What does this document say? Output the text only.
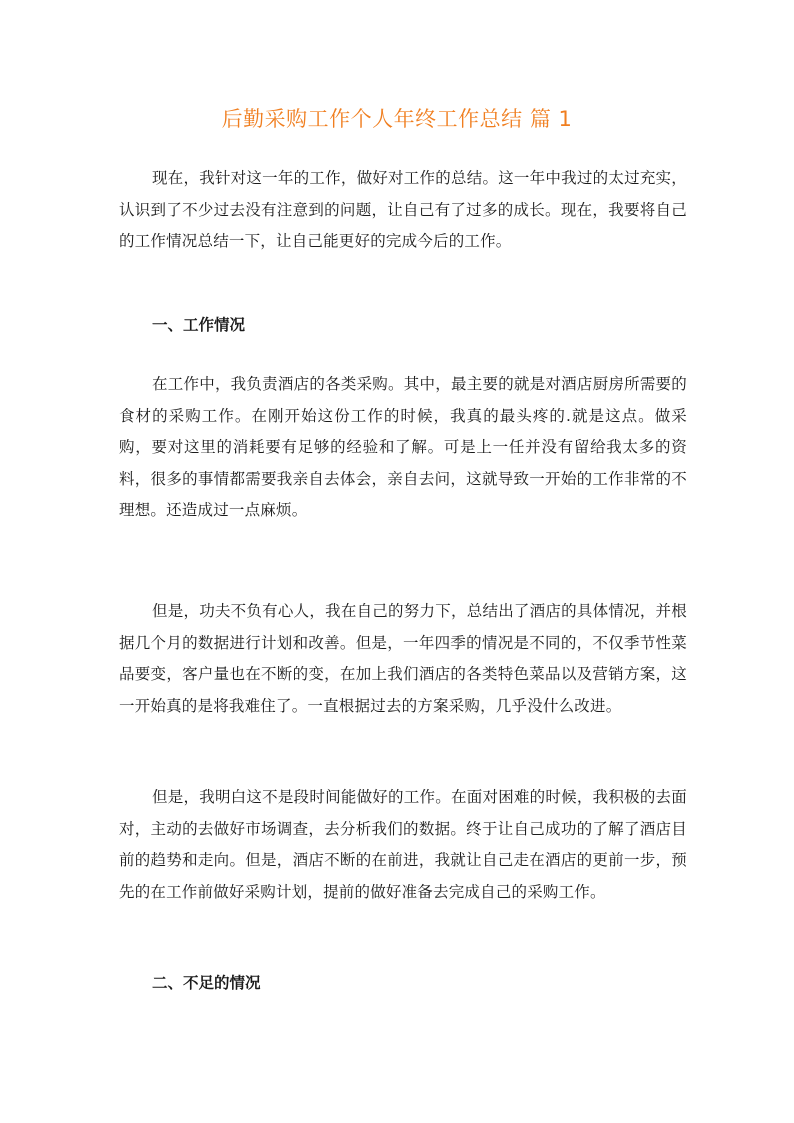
后勤采购工作个人年终工作总结 篇 1

现在，我针对这一年的工作，做好对工作的总结。这一年中我过的太过充实，认识到了不少过去没有注意到的问题，让自己有了过多的成长。现在，我要将自己的工作情况总结一下，让自己能更好的完成今后的工作。

一、工作情况

在工作中，我负责酒店的各类采购。其中，最主要的就是对酒店厨房所需要的食材的采购工作。在刚开始这份工作的时候，我真的最头疼的.就是这点。做采购，要对这里的消耗要有足够的经验和了解。可是上一任并没有留给我太多的资料，很多的事情都需要我亲自去体会，亲自去问，这就导致一开始的工作非常的不理想。还造成过一点麻烦。

但是，功夫不负有心人，我在自己的努力下，总结出了酒店的具体情况，并根据几个月的数据进行计划和改善。但是，一年四季的情况是不同的，不仅季节性菜品要变，客户量也在不断的变，在加上我们酒店的各类特色菜品以及营销方案，这一开始真的是将我难住了。一直根据过去的方案采购，几乎没什么改进。

但是，我明白这不是段时间能做好的工作。在面对困难的时候，我积极的去面对，主动的去做好市场调查，去分析我们的数据。终于让自己成功的了解了酒店目前的趋势和走向。但是，酒店不断的在前进，我就让自己走在酒店的更前一步，预先的在工作前做好采购计划，提前的做好准备去完成自己的采购工作。

二、不足的情况
